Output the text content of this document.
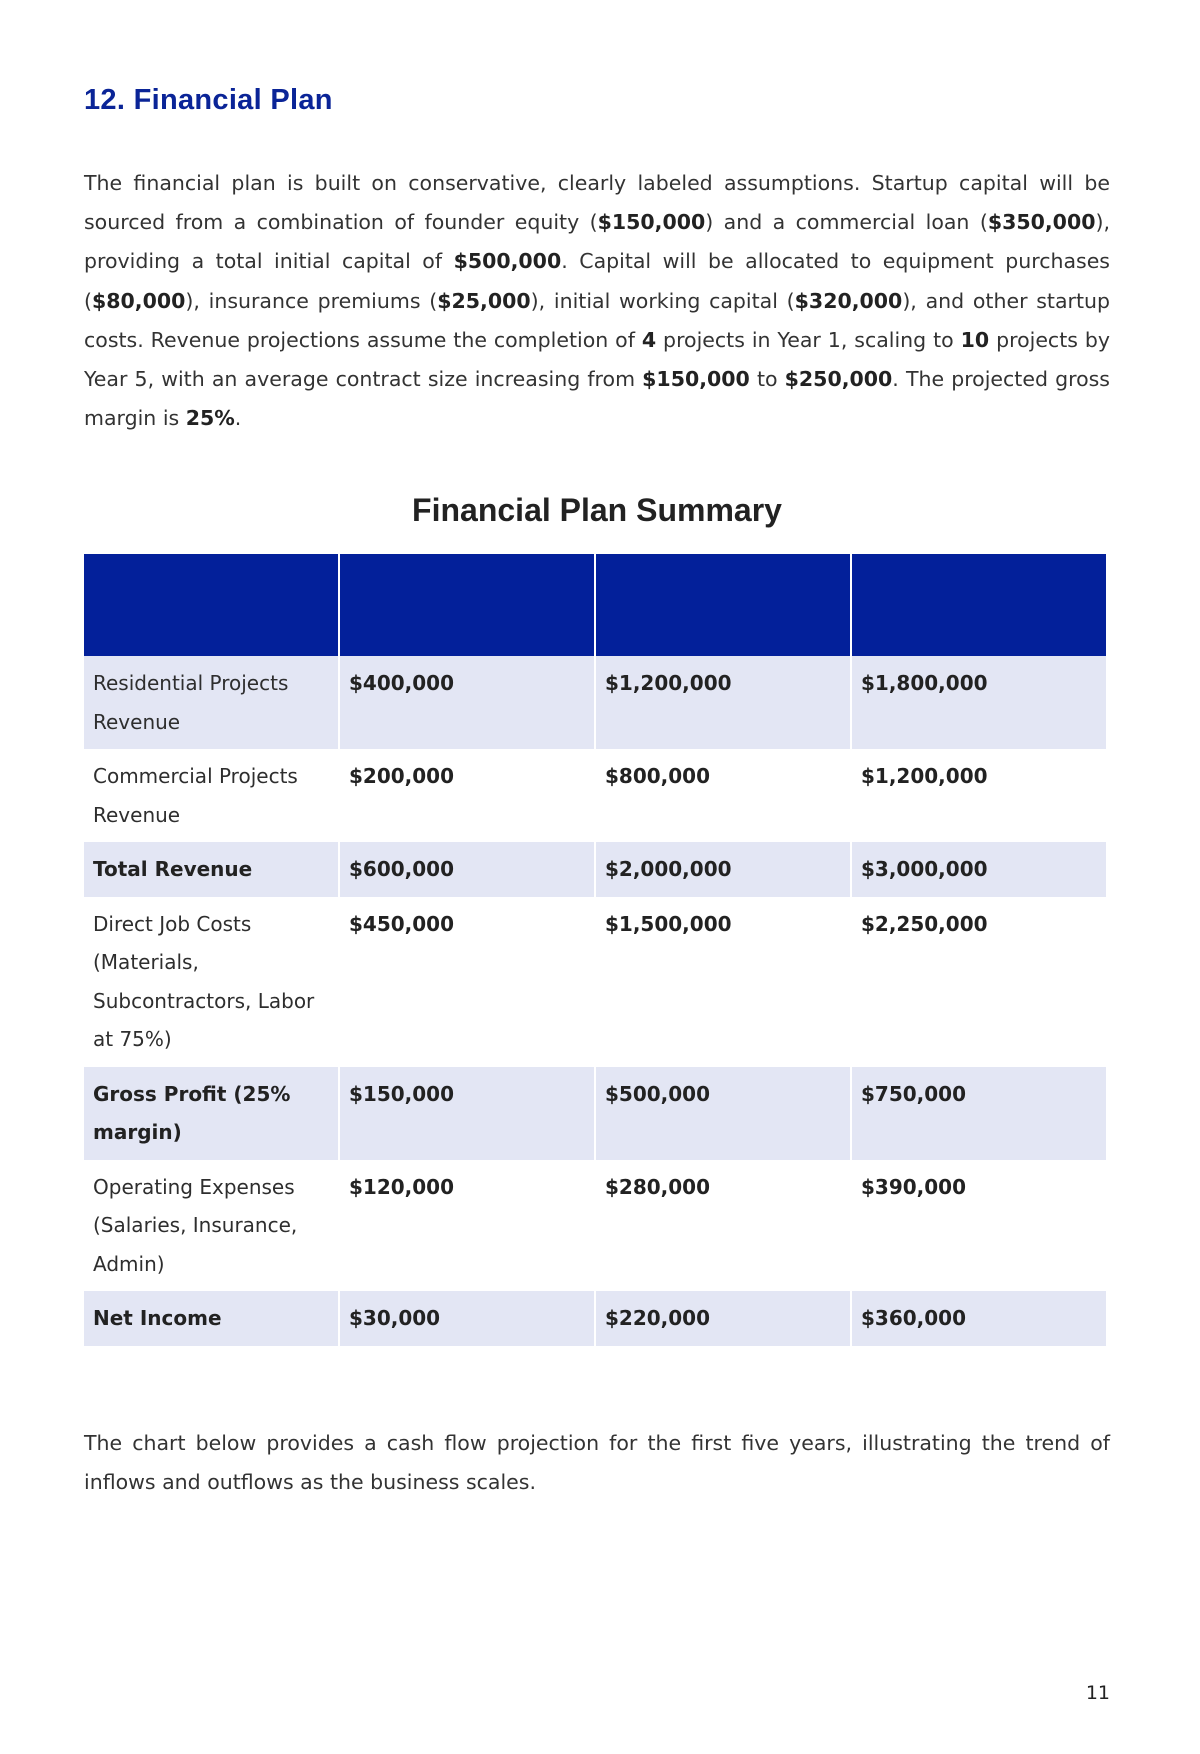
12. Financial Plan

The financial plan is built on conservative, clearly labeled assumptions. Startup capital will be sourced from a combination of founder equity ($150,000) and a commercial loan ($350,000), providing a total initial capital of $500,000. Capital will be allocated to equipment purchases ($80,000), insurance premiums ($25,000), initial working capital ($320,000), and other startup costs. Revenue projections assume the completion of 4 projects in Year 1, scaling to 10 projects by Year 5, with an average contract size increasing from $150,000 to $250,000. The projected gross margin is 25%.

Financial Plan Summary

Residential Projects Revenue	$400,000	$1,200,000	$1,800,000
Commercial Projects Revenue	$200,000	$800,000	$1,200,000
Total Revenue	$600,000	$2,000,000	$3,000,000
Direct Job Costs (Materials, Subcontractors, Labor at 75%)	$450,000	$1,500,000	$2,250,000
Gross Profit (25% margin)	$150,000	$500,000	$750,000
Operating Expenses (Salaries, Insurance, Admin)	$120,000	$280,000	$390,000
Net Income	$30,000	$220,000	$360,000

The chart below provides a cash flow projection for the first five years, illustrating the trend of inflows and outflows as the business scales.

11
